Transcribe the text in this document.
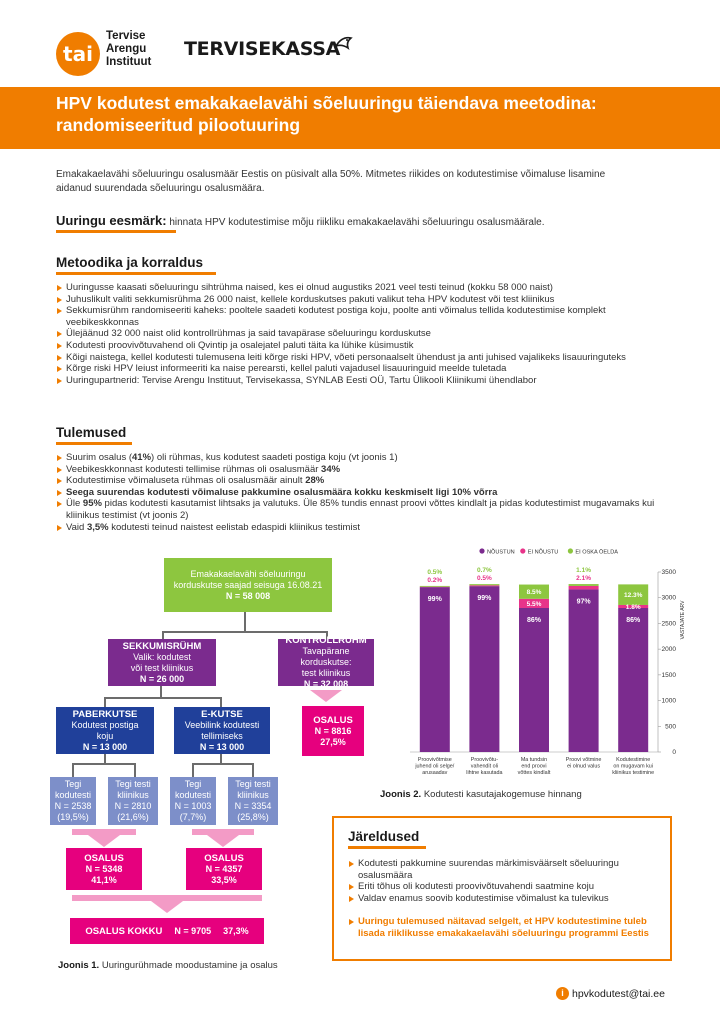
tai
Tervise
Arengu
Instituut
TERVISEKASSA
HPV kodutest emakakaelavähi sõeluuringu täiendava meetodina:
randomiseeritud pilootuuring
Emakakaelavähi sõeluuringu osalusmäär Eestis on püsivalt alla 50%. Mitmetes riikides on kodutestimise võimaluse lisamine
aidanud suurendada sõeluuringu osalusmäära.
Uuringu eesmärk: hinnata HPV kodutestimise mõju riikliku emakakaelavähi sõeluuringu osalusmäärale.
Metoodika ja korraldus
Uuringusse kaasati sõeluuringu sihtrühma naised, kes ei olnud augustiks 2021 veel testi teinud (kokku 58 000 naist)
Juhuslikult valiti sekkumisrühma 26 000 naist, kellele korduskutses pakuti valikut teha HPV kodutest või test kliinikus
Sekkumisrühm randomiseeriti kaheks: pooltele saadeti kodutest postiga koju, poolte anti võimalus tellida kodutestimise komplekt veebikeskkonnas
Ülejäänud 32 000 naist olid kontrollrühmas ja said tavapärase sõeluuringu korduskutse
Kodutesti proovivõtuvahend oli Qvintip ja osalejatel paluti täita ka lühike küsimustik
Kõigi naistega, kellel kodutesti tulemusena leiti kõrge riski HPV, võeti personaalselt ühendust ja anti juhised vajalikeks lisauuringuteks
Kõrge riski HPV leiust informeeriti ka naise perearsti, kellel paluti vajadusel lisauuringuid meelde tuletada
Uuringupartnerid: Tervise Arengu Instituut, Tervisekassa, SYNLAB Eesti OÜ, Tartu Ülikooli Kliinikumi ühendlabor
Tulemused
Suurim osalus (41%) oli rühmas, kus kodutest saadeti postiga koju (vt joonis 1)
Veebikeskkonnast kodutesti tellimise rühmas oli osalusmäär 34%
Kodutestimise võimaluseta rühmas oli osalusmäär ainult 28%
Seega suurendas kodutesti võimaluse pakkumine osalusmäära kokku keskmiselt ligi 10% võrra
Üle 95% pidas kodutesti kasutamist lihtsaks ja valutuks. Üle 85% tundis ennast proovi võttes kindlalt ja pidas kodutestimist mugavamaks kui kliinikus testimist (vt joonis 2)
Vaid 3,5% kodutesti teinud naistest eelistab edaspidi kliinikus testimist
Emakakaelavähi sõeluuringu
korduskutse saajad seisuga 16.08.21
N = 58 008
SEKKUMISRÜHM
Valik: kodutest
või test kliinikus
N = 26 000
KONTROLLRÜHM
Tavapärane korduskutse:
test kliinikus
N = 32 008
PABERKUTSE
Kodutest postiga
koju
N = 13 000
E-KUTSE
Veebilink kodutesti
tellimiseks
N = 13 000
Tegi
kodutesti
N = 2538
(19,5%)
Tegi testi
kliinikus
N = 2810
(21,6%)
Tegi
kodutesti
N = 1003
(7,7%)
Tegi testi
kliinikus
N = 3354
(25,8%)
OSALUS
N = 8816
27,5%
OSALUS
N = 5348
41,1%
OSALUS
N = 4357
33,5%
OSALUS KOKKU N = 9705 37,3%
Joonis 1. Uuringurühmade moodustamine ja osalus
NÕUSTUN EI NÕUSTU	EI OSKA ÖELDA
0
500
1000
1500
2000
2500
3000
3500
VASTAJATE ARV
99%
0.5%
0.2%
Proovivõtmise
juhend oli selge/
arusaadav
99%
0.7%
0.5%
Proovivõtu-
vahendit oli
lihtne kasutada
86%
8.5%
5.5%
Ma tundsin
end proovi
võttes kindlalt
97%
1.1%
2.1%
Proovi võtmine
ei olnud valus
86%
12.3%
1.8%
Kodutestimine
on mugavam kui
kliinikus testimine
Joonis 2. Kodutesti kasutajakogemuse hinnang
Järeldused
Kodutesti pakkumine suurendas märkimisväärselt sõeluuringu osalusmäära
Eriti tõhus oli kodutesti proovivõtuvahendi saatmine koju
Valdav enamus soovib kodutestimise võimalust ka tulevikus
Uuringu tulemused näitavad selgelt, et HPV kodutestimine tuleb lisada riiklikusse emakakaelavähi sõeluuringu programmi Eestis
i hpvkodutest@tai.ee
